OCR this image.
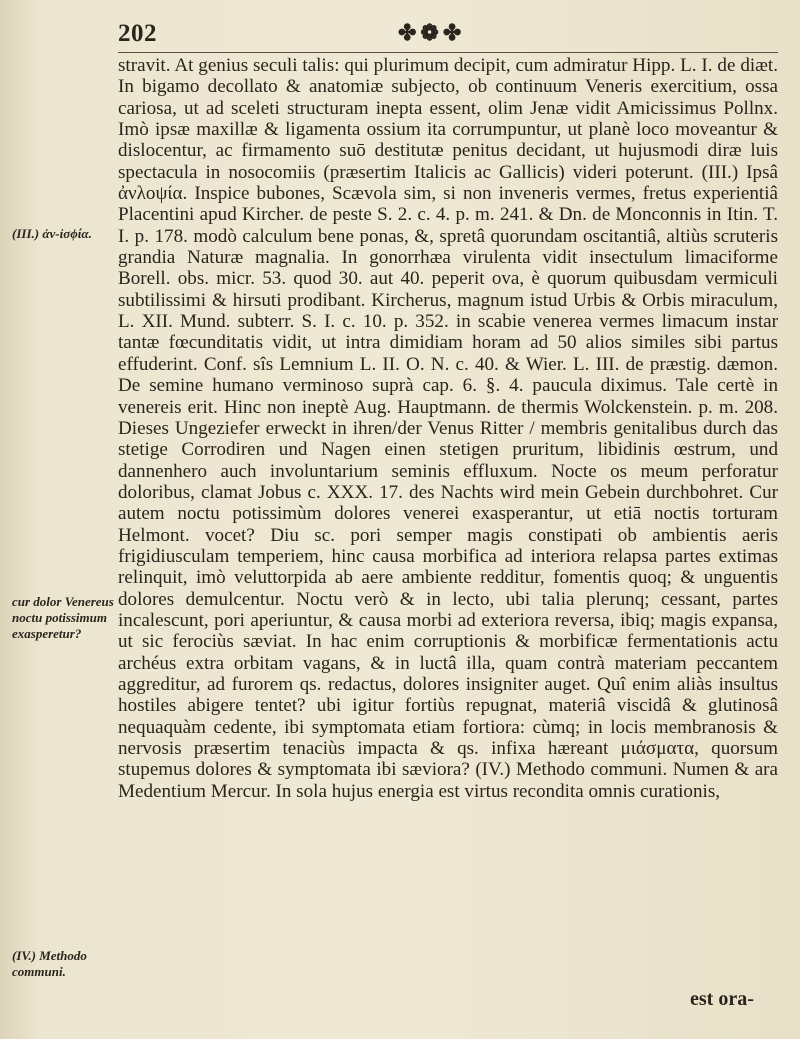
202	✤❁✤
(III.) ἀν-ἰσϕία.
cur dolor Venereus noctu potissimum exasperetur?
(IV.) Methodo communi.

stravit. At genius seculi talis: qui plurimum decipit, cum admiratur Hipp. L. I. de diæt. In bigamo decollato & anatomiæ subjecto, ob continuum Veneris exercitium, ossa cariosa, ut ad sceleti structuram inepta essent, olim Jenæ vidit Amicissimus Pollnx. Imò ipsæ maxillæ & ligamenta ossium ita corrumpuntur, ut planè loco moveantur & dislocentur, ac firmamento suō destitutæ penitus decidant, ut hujusmodi diræ luis spectacula in nosocomiis (præsertim Italicis ac Gallicis) videri poterunt. (III.) Ipsâ ἀνλοψία. Inspice bubones, Scævola sim, si non inveneris vermes, fretus experientiâ Placentini apud Kircher. de peste S. 2. c. 4. p. m. 241. & Dn. de Monconnis in Itin. T. I. p. 178. modò calculum bene ponas, &, spretâ quorundam oscitantiâ, altiùs scruteris grandia Naturæ magnalia. In gonorrhæa virulenta vidit insectulum limaciforme Borell. obs. micr. 53. quod 30. aut 40. peperit ova, è quorum quibusdam vermiculi subtilissimi & hirsuti prodibant. Kircherus, magnum istud Urbis & Orbis miraculum, L. XII. Mund. subterr. S. I. c. 10. p. 352. in scabie venerea vermes limacum instar tantæ fœcunditatis vidit, ut intra dimidiam horam ad 50 alios similes sibi partus effuderint. Conf. sîs Lemnium L. II. O. N. c. 40. & Wier. L. III. de præstig. dæmon. De semine humano verminoso suprà cap. 6. §. 4. paucula diximus. Tale certè in venereis erit. Hinc non ineptè Aug. Hauptmann. de thermis Wolckenstein. p. m. 208. Dieses Ungeziefer erweckt in ihren/der Venus Ritter / membris genitalibus durch das stetige Corrodiren und Nagen einen stetigen pruritum, libidinis œstrum, und dannenhero auch involuntarium seminis effluxum. Nocte os meum perforatur doloribus, clamat Jobus c. XXX. 17. des Nachts wird mein Gebein durchbohret. Cur autem noctu potissimùm dolores venerei exasperantur, ut etiā noctis torturam Helmont. vocet? Diu sc. pori semper magis constipati ob ambientis aeris frigidiusculam temperiem, hinc causa morbifica ad interiora relapsa partes extimas relinquit, imò veluttorpida ab aere ambiente redditur, fomentis quoq; & unguentis dolores demulcentur. Noctu verò & in lecto, ubi talia plerunq; cessant, partes incalescunt, pori aperiuntur, & causa morbi ad exteriora reversa, ibiq; magis expansa, ut sic ferociùs sæviat. In hac enim corruptionis & morbificæ fermentationis actu archéus extra orbitam vagans, & in luctâ illa, quam contrà materiam peccantem aggreditur, ad furorem qs. redactus, dolores insigniter auget. Quî enim aliàs insultus hostiles abigere tentet? ubi igitur fortiùs repugnat, materiâ viscidâ & glutinosâ nequaquàm cedente, ibi symptomata etiam fortiora: cùmq; in locis membranosis & nervosis præsertim tenaciùs impacta & qs. infixa hæreant μιάσματα, quorsum stupemus dolores & symptomata ibi sæviora? (IV.) Methodo communi. Numen & ara Medentium Mercur. In sola hujus energia est virtus recondita omnis curationis,

est ora-
